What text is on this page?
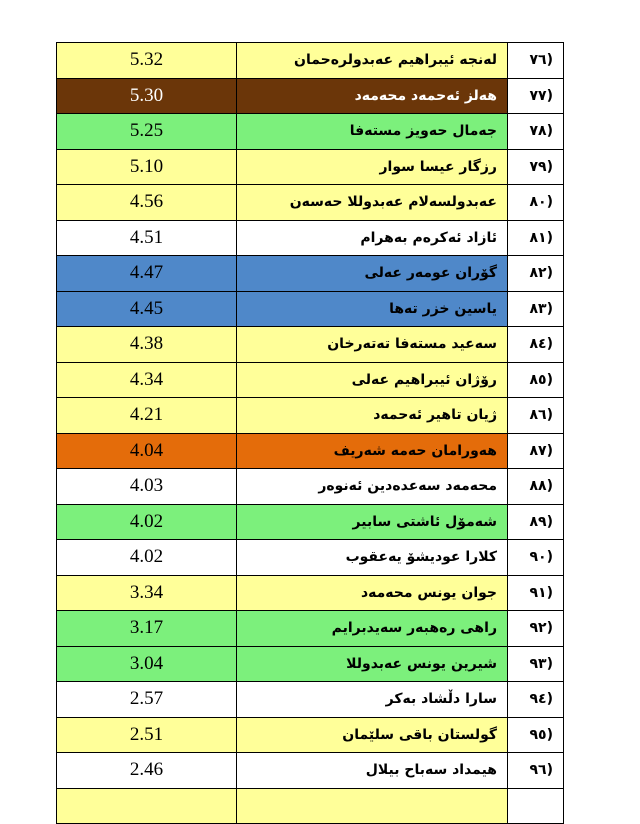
5.32	لەنجە ئیبراهیم عەبدولرەحمان	(٧٦
5.30	هەلز ئەحمەد محەمەد	(٧٧
5.25	جەمال حەویز مستەفا	(٧٨
5.10	رزگار عیسا سوار	(٧٩
4.56	عەبدولسەلام عەبدوللا حەسەن	(٨٠
4.51	ئازاد ئەکرەم بەهرام	(٨١
4.47	گۆران عومەر عەلی	(٨٢
4.45	یاسین خزر تەها	(٨٣
4.38	سەعید مستەفا تەتەرخان	(٨٤
4.34	رۆژان ئیبراهیم عەلی	(٨٥
4.21	ژیان تاهیر ئەحمەد	(٨٦
4.04	هەورامان حەمە شەریف	(٨٧
4.03	محەمەد سەعدەدین ئەنوەر	(٨٨
4.02	شەمۆل ئاشتی سابیر	(٨٩
4.02	کلارا عودیشۆ یەعقوب	(٩٠
3.34	جوان یونس محەمەد	(٩١
3.17	راهی رەهبەر سەیدبرایم	(٩٢
3.04	شیرین یونس عەبدوللا	(٩٣
2.57	سارا دڵشاد بەکر	(٩٤
2.51	گولستان باقی سلێمان	(٩٥
2.46	هیمداد سەباح بیلال	(٩٦
